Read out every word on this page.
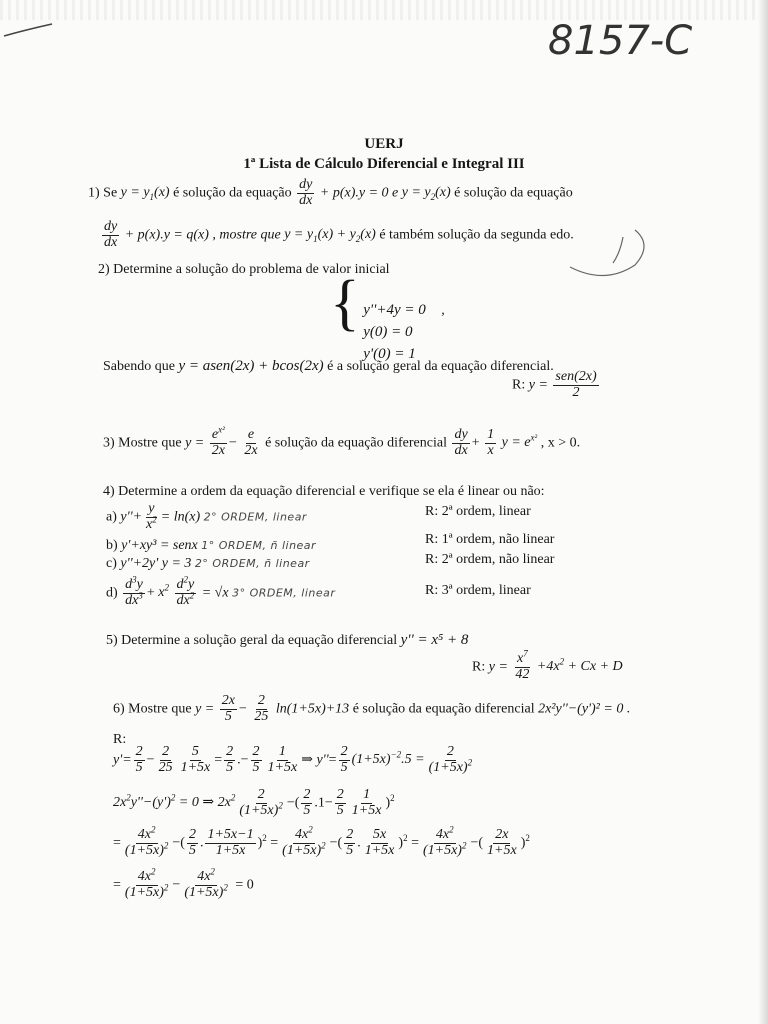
8157-C
UERJ
1ª Lista de Cálculo Diferencial e Integral III
1) Se $y = y_1(x)$ é solução da equação $\frac{dy}{dx} + p(x).y = 0$ e $y = y_2(x)$ é solução da equação
$\frac{dy}{dx} + p(x).y = q(x)$ , mostre que $y = y_1(x) + y_2(x)$ é também solução da segunda edo.
2) Determine a solução do problema de valor inicial
{ y''+4y = 0
y(0) = 0
y'(0) = 1
,
Sabendo que y = asen(2x) + bcos(2x) é a solução geral da equação diferencial.
R: $y = \frac{\text{sen(2x)}}{2}$
3) Mostre que $y = \frac{e^{x^2}}{2x} - \frac{e}{2x}$ é solução da equação diferencial $\frac{dy}{dx} + \frac{1}{x}$ $y = e^{x^2}$ , x > 0.
4) Determine a ordem da equação diferencial e verifique se ela é linear ou não:
a) $y''+ \frac{y}{x^2} = \ln(x)$ 2° ORDEM, linear	R: 2ª ordem, linear
b) y'+xy³ = senx 1° ORDEM, ñ linear	R: 1ª ordem, não linear
c) y''+2y' y = 3 2° ORDEM, ñ linear	R: 2ª ordem, não linear
$d) \frac{d^3y}{dx^3} + x^2 \frac{d^2y}{dx^2} = √x$ 3° ORDEM, linear	R: 3ª ordem, linear
5) Determine a solução geral da equação diferencial y'' = x⁵ + 8
R: $y = \frac{x^7}{42} +4x^2 + Cx + D$
6) Mostre que $y = \frac{2x}{5} - \frac{2}{25} \ln(1+5x)+13$ é solução da equação diferencial 2x²y''−(y')² = 0 .
R:
$y'= \frac{2}{5} - \frac{2}{25} \frac{5}{1+5x} = \frac{2}{5}$ .− $\frac{2}{5} \frac{1}{1+5x}$ ⇒ $y''= \frac{2}{5} (1+5x)^{-2}.5 = \frac{2}{(1+5x)^2}$
$2x^2y''-(y')^2 = 0$ ⇒ $2x^2 \frac{2}{(1+5x)^2}$ −( $\frac{2}{5} .1- \frac{2}{5} \frac{1}{1+5x} )^2$
= $\frac{4x^2}{(1+5x)^2}$ −( $\frac{2}{5}$ . $\frac{1+5x-1}{1+5x} )^2 = \frac{4x^2}{(1+5x)^2}$ −( $\frac{2}{5}$ . $\frac{5x}{1+5x} )^2 = \frac{4x^2}{(1+5x)^2}$ −( $\frac{2x}{1+5x} )^2$
= $\frac{4x^2}{(1+5x)^2} - \frac{4x^2}{(1+5x)^2} = 0$
